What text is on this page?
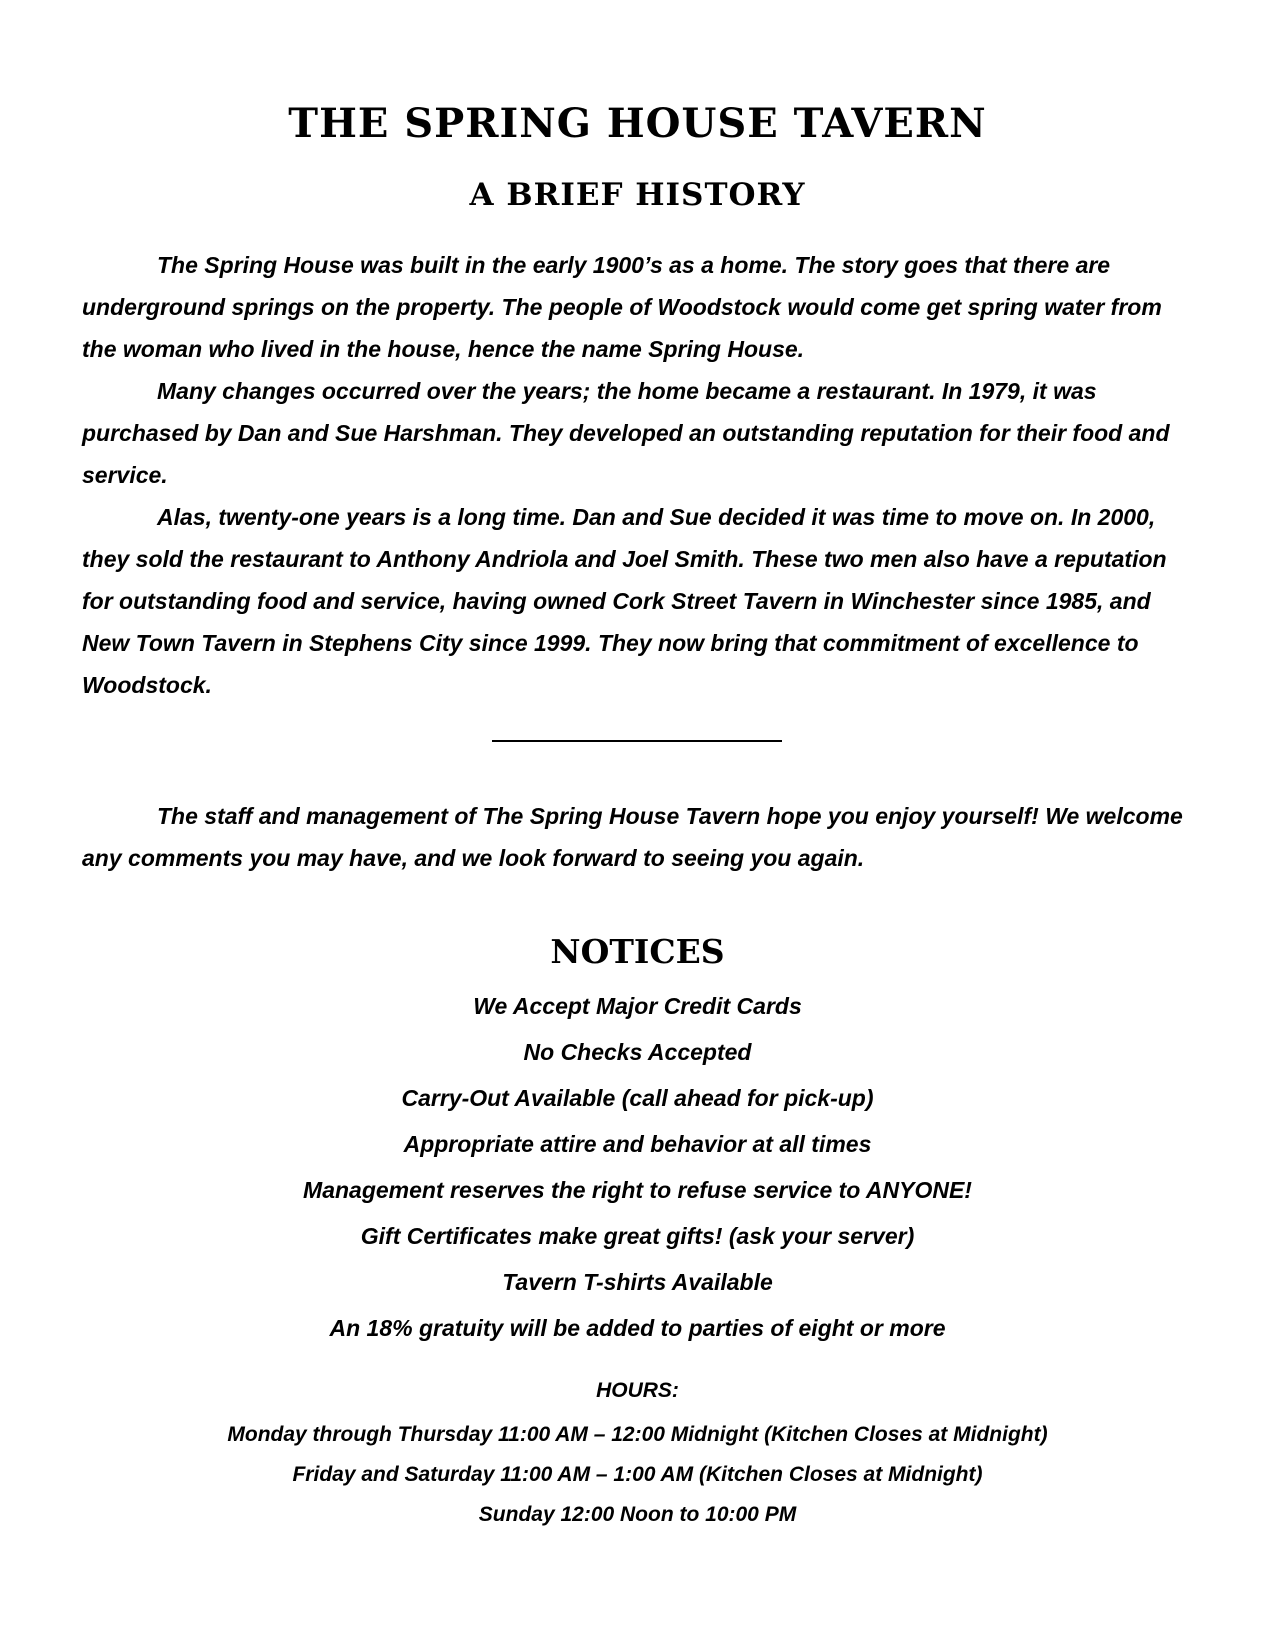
THE SPRING HOUSE TAVERN
A BRIEF HISTORY

The Spring House was built in the early 1900’s as a home. The story goes that there are underground springs on the property. The people of Woodstock would come get spring water from the woman who lived in the house, hence the name Spring House.

Many changes occurred over the years; the home became a restaurant. In 1979, it was purchased by Dan and Sue Harshman. They developed an outstanding reputation for their food and service.

Alas, twenty-one years is a long time. Dan and Sue decided it was time to move on. In 2000, they sold the restaurant to Anthony Andriola and Joel Smith. These two men also have a reputation for outstanding food and service, having owned Cork Street Tavern in Winchester since 1985, and New Town Tavern in Stephens City since 1999. They now bring that commitment of excellence to Woodstock.

The staff and management of The Spring House Tavern hope you enjoy yourself! We welcome any comments you may have, and we look forward to seeing you again.

NOTICES
We Accept Major Credit Cards
No Checks Accepted
Carry-Out Available (call ahead for pick-up)
Appropriate attire and behavior at all times
Management reserves the right to refuse service to ANYONE!
Gift Certificates make great gifts! (ask your server)
Tavern T-shirts Available
An 18% gratuity will be added to parties of eight or more

HOURS:

Monday through Thursday 11:00 AM – 12:00 Midnight (Kitchen Closes at Midnight)
Friday and Saturday 11:00 AM – 1:00 AM (Kitchen Closes at Midnight)
Sunday 12:00 Noon to 10:00 PM
